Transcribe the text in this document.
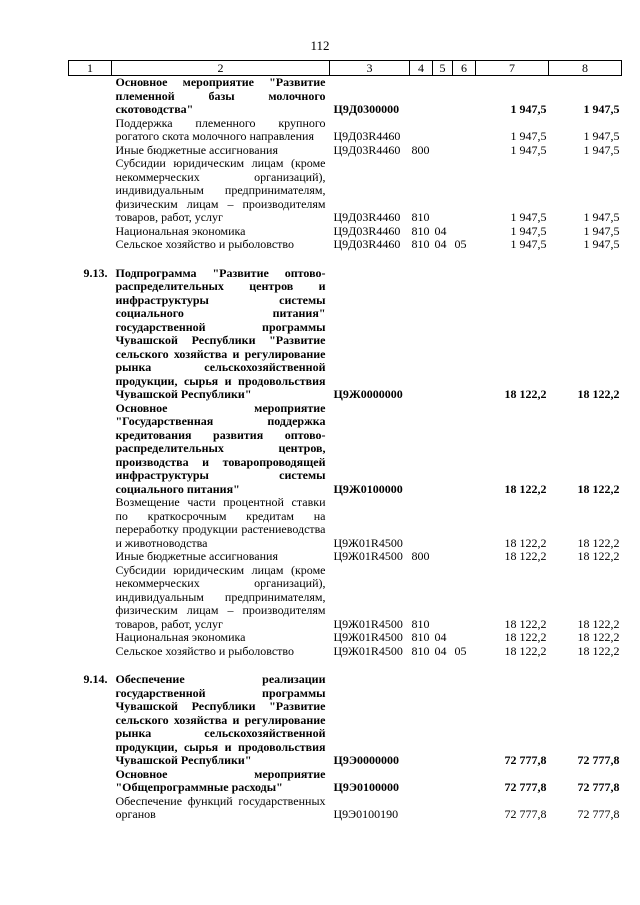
112
1	2	3	4	5	6	7	8
	Основное мероприятие "Развитие племенной базы молочного скотоводства"	Ц9Д0300000				1 947,5	1 947,5
	Поддержка племенного крупного рогатого скота молочного направления	Ц9Д03R4460				1 947,5	1 947,5
	Иные бюджетные ассигнования	Ц9Д03R4460	800			1 947,5	1 947,5
	Субсидии юридическим лицам (кроме некоммерческих организаций), индивидуальным предпринимателям, физическим лицам – производителям товаров, работ, услуг	Ц9Д03R4460	810			1 947,5	1 947,5
	Национальная экономика	Ц9Д03R4460	810	04		1 947,5	1 947,5
	Сельское хозяйство и рыболовство	Ц9Д03R4460	810	04	05	1 947,5	1 947,5
9.13.	Подпрограмма "Развитие оптово-распределительных центров и инфраструктуры системы социального питания" государственной программы Чувашской Республики "Развитие сельского хозяйства и регулирование рынка сельскохозяйственной продукции, сырья и продовольствия Чувашской Республики"	Ц9Ж0000000				18 122,2	18 122,2
	Основное мероприятие "Государственная поддержка кредитования развития оптово-распределительных центров, производства и товаропроводящей инфраструктуры системы социального питания"	Ц9Ж0100000				18 122,2	18 122,2
	Возмещение части процентной ставки по краткосрочным кредитам на переработку продукции растениеводства и животноводства	Ц9Ж01R4500				18 122,2	18 122,2
	Иные бюджетные ассигнования	Ц9Ж01R4500	800			18 122,2	18 122,2
	Субсидии юридическим лицам (кроме некоммерческих организаций), индивидуальным предпринимателям, физическим лицам – производителям товаров, работ, услуг	Ц9Ж01R4500	810			18 122,2	18 122,2
	Национальная экономика	Ц9Ж01R4500	810	04		18 122,2	18 122,2
	Сельское хозяйство и рыболовство	Ц9Ж01R4500	810	04	05	18 122,2	18 122,2
9.14.	Обеспечение реализации государственной программы Чувашской Республики "Развитие сельского хозяйства и регулирование рынка сельскохозяйственной продукции, сырья и продовольствия Чувашской Республики"	Ц9Э0000000				72 777,8	72 777,8
	Основное мероприятие "Общепрограммные расходы"	Ц9Э0100000				72 777,8	72 777,8
	Обеспечение функций государственных органов	Ц9Э0100190				72 777,8	72 777,8
